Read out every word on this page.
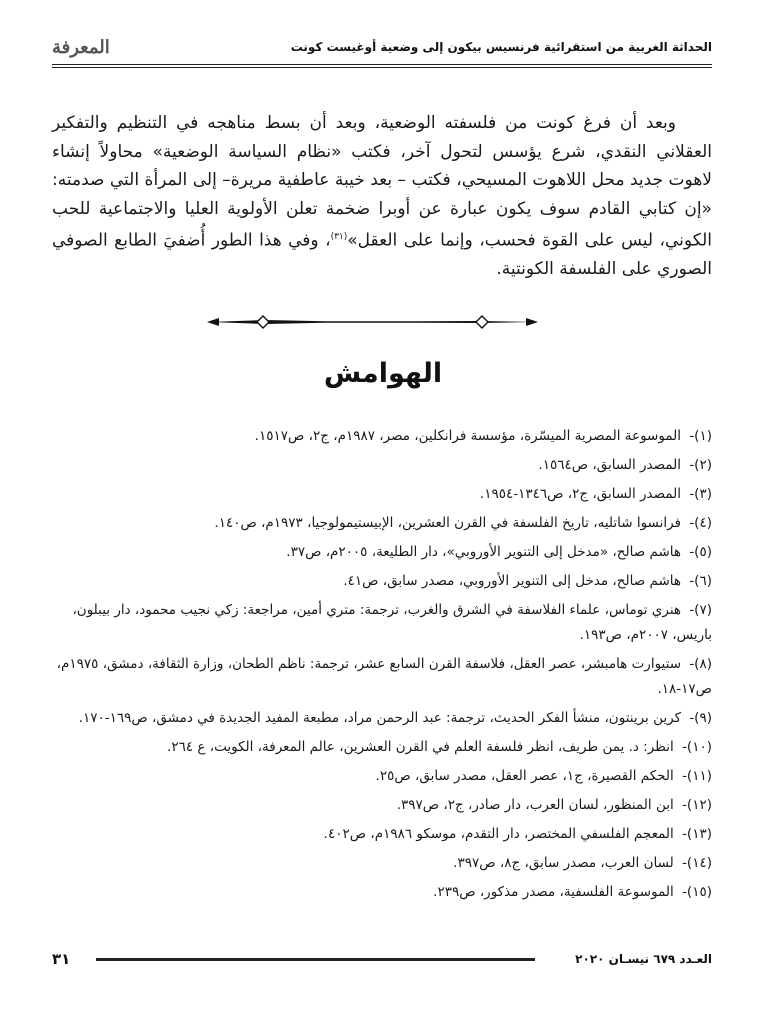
الحداثة الغربية من استقرائية فرنسيس بيكون إلى وضعية أوغيست كونت
المعرفة

وبعد أن فرغ كونت من فلسفته الوضعية، وبعد أن بسط مناهجه في التنظيم والتفكير العقلاني النقدي، شرع يؤسس لتحول آخر، فكتب «نظام السياسة الوضعية» محاولاً إنشاء لاهوت جديد محل اللاهوت المسيحي، فكتب – بعد خيبة عاطفية مريرة– إلى المرأة التي صدمته: «إن كتابي القادم سوف يكون عبارة عن أوبرا ضخمة تعلن الأولوية العليا والاجتماعية للحب الكوني، ليس على القوة فحسب، وإنما على العقل»$^{(٣١)}$، وفي هذا الطور أُضفيَ الطابع الصوفي الصوري على الفلسفة الكونتية.

الهوامش
(١)- الموسوعة المصرية الميسّرة، مؤسسة فرانكلين، مصر، ١٩٨٧م، ج٢، ص١٥١٧.
(٢)- المصدر السابق، ص١٥٦٤.
(٣)- المصدر السابق، ج٢، ص١٣٤٦-١٩٥٤.
(٤)- فرانسوا شاتليه، تاريخ الفلسفة في القرن العشرين، الإبيستيمولوجيا، ١٩٧٣م، ص١٤٠.
(٥)- هاشم صالح، «مدخل إلى التنوير الأوروبي»، دار الطليعة، ٢٠٠٥م، ص٣٧.
(٦)- هاشم صالح، مدخل إلى التنوير الأوروبي، مصدر سابق، ص٤١.
(٧)- هنري توماس، علماء الفلاسفة في الشرق والغرب، ترجمة: متري أمين، مراجعة: زكي نجيب محمود، دار بيبلون، باريس، ٢٠٠٧م، ص١٩٣.
(٨)- ستيوارت هامبشر، عصر العقل، فلاسفة القرن السابع عشر، ترجمة: ناظم الطحان، وزارة الثقافة، دمشق، ١٩٧٥م، ص١٧-١٨.
(٩)- كرين برينتون، منشأ الفكر الحديث، ترجمة: عبد الرحمن مراد، مطبعة المفيد الجديدة في دمشق، ص١٦٩-١٧٠.
(١٠)- انظر: د. يمن طريف، انظر فلسفة العلم في القرن العشرين، عالم المعرفة، الكويت، ع ٢٦٤.
(١١)- الحكم القصيرة، ج١، عصر العقل، مصدر سابق، ص٢٥.
(١٢)- ابن المنظور، لسان العرب، دار صادر، ج٢، ص٣٩٧.
(١٣)- المعجم الفلسفي المختصر، دار التقدم، موسكو ١٩٨٦م، ص٤٠٢.
(١٤)- لسان العرب، مصدر سابق، ج٨، ص٣٩٧.
(١٥)- الموسوعة الفلسفية، مصدر مذكور، ص٢٣٩.
العـدد ٦٧٩ نيسـان ٢٠٢٠
٣١
